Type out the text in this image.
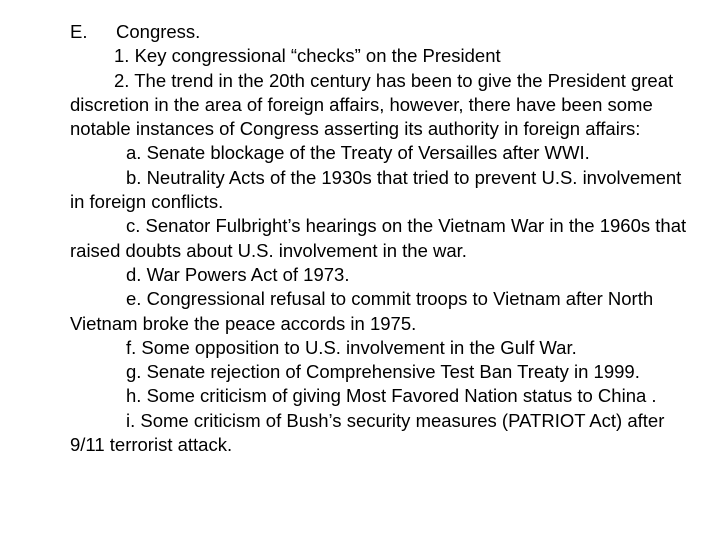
E. Congress.

1. Key congressional “checks” on the President

2. The trend in the 20th century has been to give the President great discretion in the area of foreign affairs, however, there have been some notable instances of Congress asserting its authority in foreign affairs:

a. Senate blockage of the Treaty of Versailles after WWI.

b. Neutrality Acts of the 1930s that tried to prevent U.S. involvement in foreign conflicts.

c. Senator Fulbright’s hearings on the Vietnam War in the 1960s that raised doubts about U.S. involvement in the war.

d. War Powers Act of 1973.

e. Congressional refusal to commit troops to Vietnam after North Vietnam broke the peace accords in 1975.

f. Some opposition to U.S. involvement in the Gulf War.

g. Senate rejection of Comprehensive Test Ban Treaty in 1999.

h. Some criticism of giving Most Favored Nation status to China .

i. Some criticism of Bush’s security measures (PATRIOT Act) after 9/11 terrorist attack.
